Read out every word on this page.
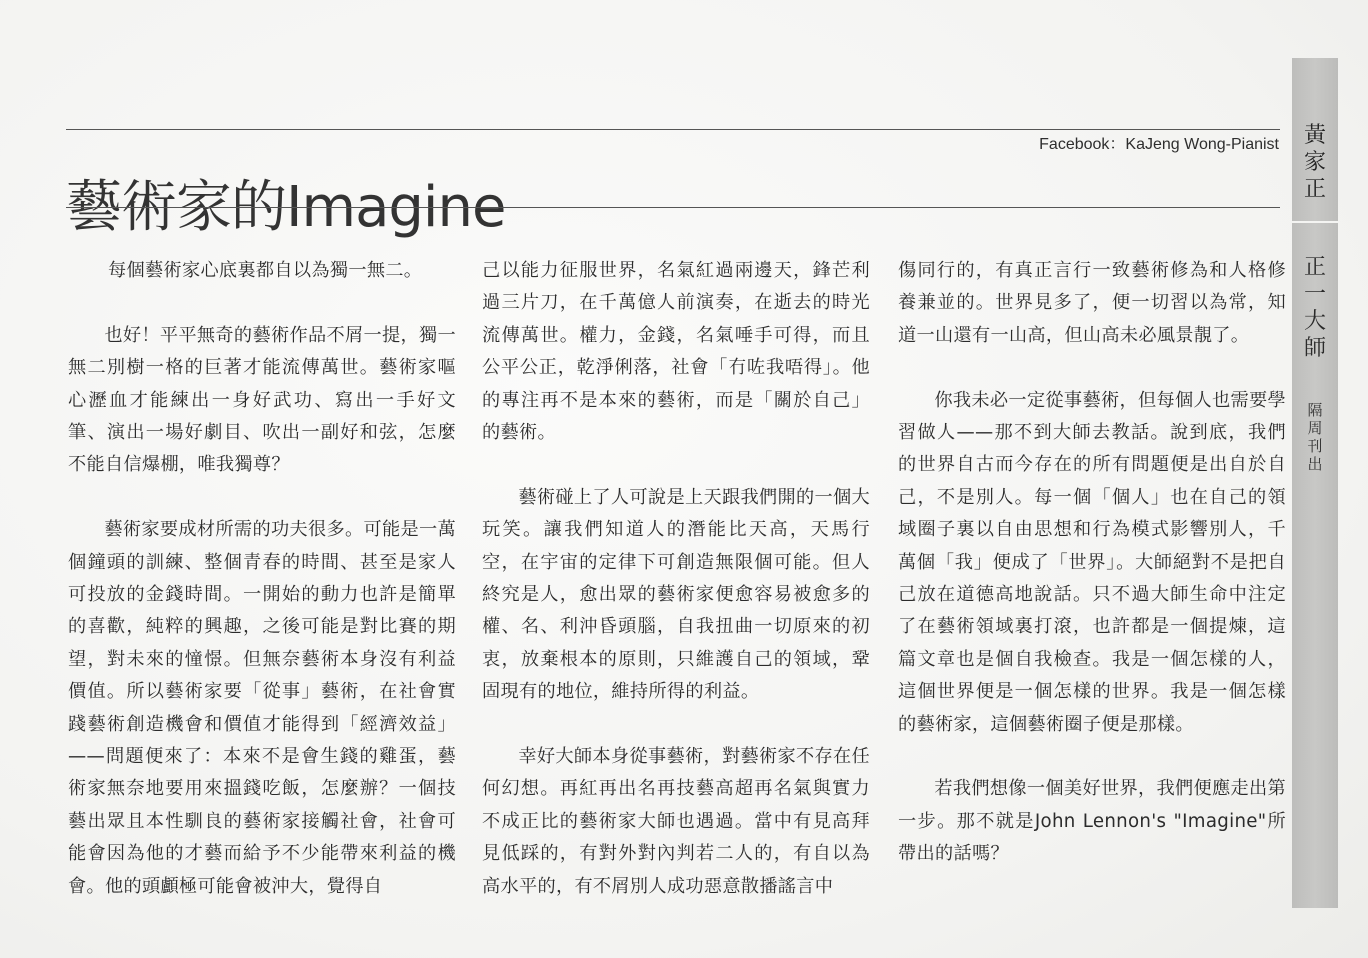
藝術家的Imagine
Facebook：KaJeng Wong-Pianist

每個藝術家心底裏都自以為獨一無二。

也好！平平無奇的藝術作品不屑一提，獨一無二別樹一格的巨著才能流傳萬世。藝術家嘔心瀝血才能練出一身好武功、寫出一手好文筆、演出一場好劇目、吹出一副好和弦，怎麼不能自信爆棚，唯我獨尊？

藝術家要成材所需的功夫很多。可能是一萬個鐘頭的訓練、整個青春的時間、甚至是家人可投放的金錢時間。一開始的動力也許是簡單的喜歡，純粹的興趣，之後可能是對比賽的期望，對未來的憧憬。但無奈藝術本身沒有利益價值。所以藝術家要「從事」藝術，在社會實踐藝術創造機會和價值才能得到「經濟效益」——問題便來了：本來不是會生錢的雞蛋，藝術家無奈地要用來搵錢吃飯，怎麼辦？一個技藝出眾且本性馴良的藝術家接觸社會，社會可能會因為他的才藝而給予不少能帶來利益的機會。他的頭顱極可能會被沖大，覺得自

己以能力征服世界，名氣紅過兩邊天，鋒芒利過三片刀，在千萬億人前演奏，在逝去的時光流傳萬世。權力，金錢，名氣唾手可得，而且公平公正，乾淨俐落，社會「冇咗我唔得」。他的專注再不是本來的藝術，而是「關於自己」的藝術。

藝術碰上了人可說是上天跟我們開的一個大玩笑。讓我們知道人的潛能比天高，天馬行空，在宇宙的定律下可創造無限個可能。但人終究是人，愈出眾的藝術家便愈容易被愈多的權、名、利沖昏頭腦，自我扭曲一切原來的初衷，放棄根本的原則，只維護自己的領域，鞏固現有的地位，維持所得的利益。

幸好大師本身從事藝術，對藝術家不存在任何幻想。再紅再出名再技藝高超再名氣與實力不成正比的藝術家大師也遇過。當中有見高拜見低踩的，有對外對內判若二人的，有自以為高水平的，有不屑別人成功惡意散播謠言中

傷同行的，有真正言行一致藝術修為和人格修養兼並的。世界見多了，便一切習以為常，知道一山還有一山高，但山高未必風景靚了。

你我未必一定從事藝術，但每個人也需要學習做人——那不到大師去教話。說到底，我們的世界自古而今存在的所有問題便是出自於自己，不是別人。每一個「個人」也在自己的領域圈子裏以自由思想和行為模式影響別人，千萬個「我」便成了「世界」。大師絕對不是把自己放在道德高地說話。只不過大師生命中注定了在藝術領域裏打滾，也許都是一個提煉，這篇文章也是個自我檢查。我是一個怎樣的人，這個世界便是一個怎樣的世界。我是一個怎樣的藝術家，這個藝術圈子便是那樣。

若我們想像一個美好世界，我們便應走出第一步。那不就是John Lennon's "Imagine"所帶出的話嗎？

黃
家
正
正
一
大
師
隔
周
刊
出
